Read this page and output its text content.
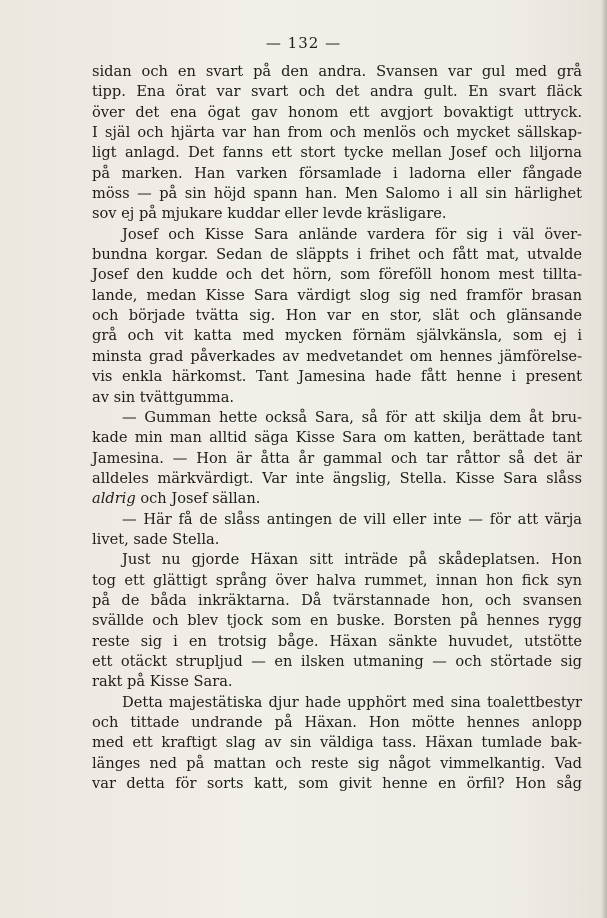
— 132 —
sidan och en svart på den andra. Svansen var gul med grå
tipp. Ena örat var svart och det andra gult. En svart fläck
över det ena ögat gav honom ett avgjort bovaktigt uttryck.
I själ och hjärta var han from och menlös och mycket sällskap-
ligt anlagd. Det fanns ett stort tycke mellan Josef och liljorna
på marken. Han varken församlade i ladorna eller fångade
möss — på sin höjd spann han. Men Salomo i all sin härlighet
sov ej på mjukare kuddar eller levde kräsligare.
Josef och Kisse Sara anlände vardera för sig i väl över-
bundna korgar. Sedan de släppts i frihet och fått mat, utvalde
Josef den kudde och det hörn, som föreföll honom mest tillta-
lande, medan Kisse Sara värdigt slog sig ned framför brasan
och började tvätta sig. Hon var en stor, slät och glänsande
grå och vit katta med mycken förnäm självkänsla, som ej i
minsta grad påverkades av medvetandet om hennes jämförelse-
vis enkla härkomst. Tant Jamesina hade fått henne i present
av sin tvättgumma.
— Gumman hette också Sara, så för att skilja dem åt bru-
kade min man alltid säga Kisse Sara om katten, berättade tant
Jamesina. — Hon är åtta år gammal och tar råttor så det är
alldeles märkvärdigt. Var inte ängslig, Stella. Kisse Sara slåss
aldrig och Josef sällan.
— Här få de slåss antingen de vill eller inte — för att värja
livet, sade Stella.
Just nu gjorde Häxan sitt inträde på skådeplatsen. Hon
tog ett glättigt språng över halva rummet, innan hon fick syn
på de båda inkräktarna. Då tvärstannade hon, och svansen
svällde och blev tjock som en buske. Borsten på hennes rygg
reste sig i en trotsig båge. Häxan sänkte huvudet, utstötte
ett otäckt strupljud — en ilsken utmaning — och störtade sig
rakt på Kisse Sara.
Detta majestätiska djur hade upphört med sina toalettbestyr
och tittade undrande på Häxan. Hon mötte hennes anlopp
med ett kraftigt slag av sin väldiga tass. Häxan tumlade bak-
länges ned på mattan och reste sig något vimmelkantig. Vad
var detta för sorts katt, som givit henne en örfil? Hon såg
